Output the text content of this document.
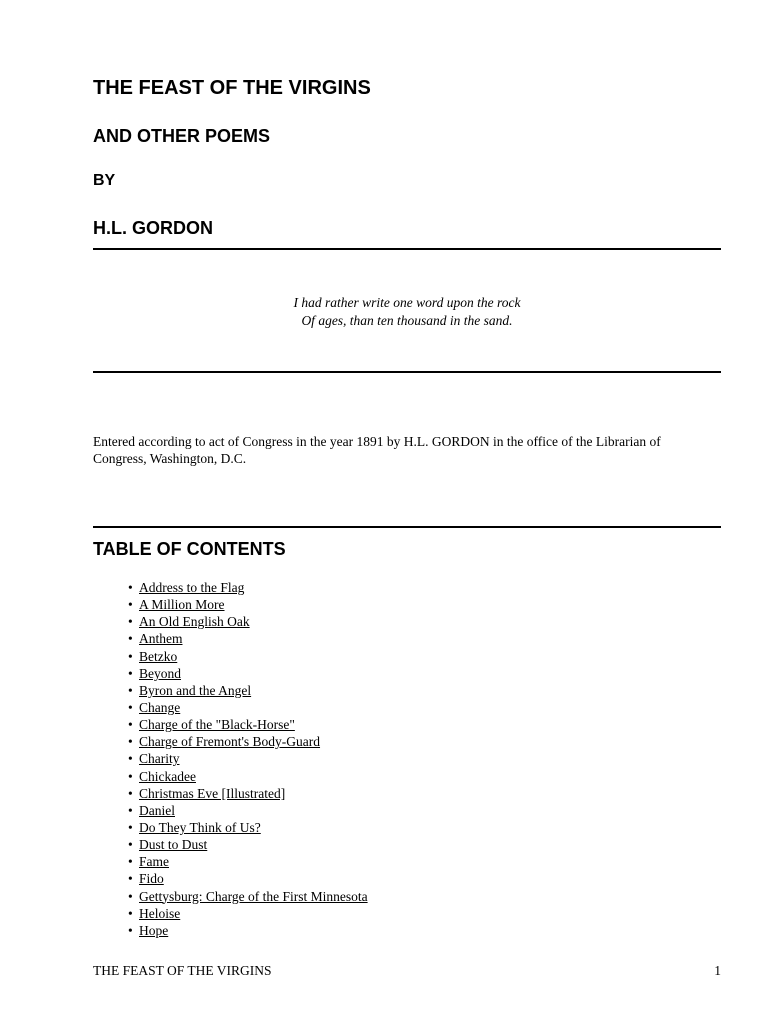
THE FEAST OF THE VIRGINS
AND OTHER POEMS
BY
H.L. GORDON
I had rather write one word upon the rock
Of ages, than ten thousand in the sand.

Entered according to act of Congress in the year 1891 by H.L. GORDON in the office of the Librarian of Congress, Washington, D.C.

TABLE OF CONTENTS
• Address to the Flag
• A Million More
• An Old English Oak
• Anthem
• Betzko
• Beyond
• Byron and the Angel
• Change
• Charge of the "Black-Horse"
• Charge of Fremont's Body-Guard
• Charity
• Chickadee
• Christmas Eve [Illustrated]
• Daniel
• Do They Think of Us?
• Dust to Dust
• Fame
• Fido
• Gettysburg: Charge of the First Minnesota
• Heloise
• Hope
THE FEAST OF THE VIRGINS	1
